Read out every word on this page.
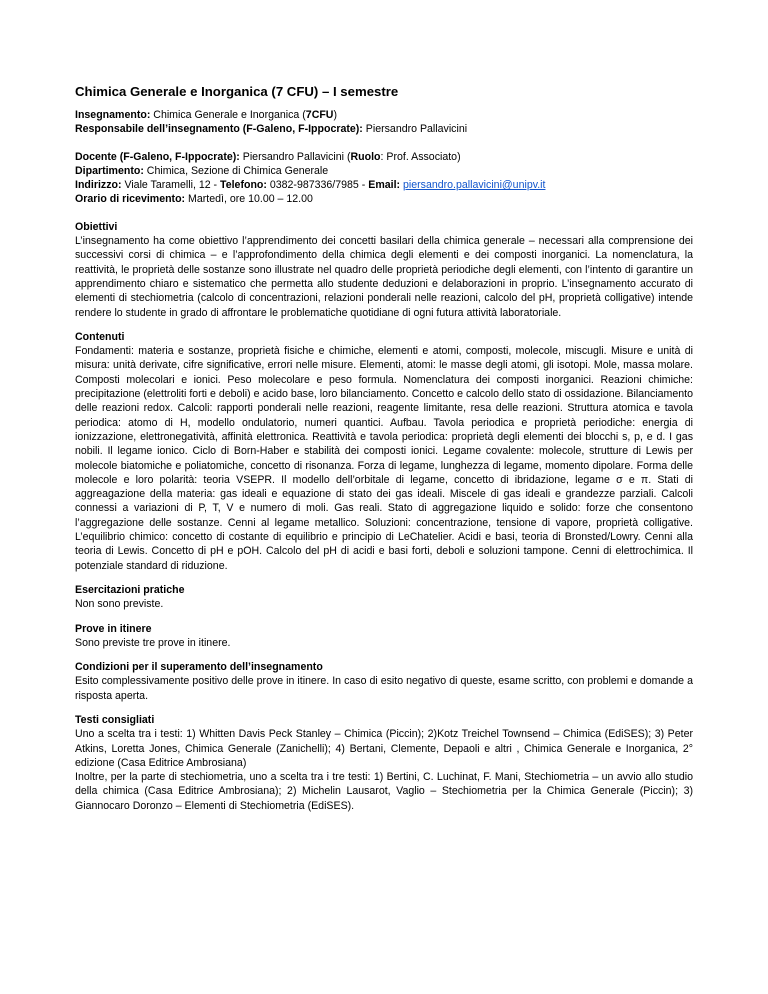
Chimica Generale e Inorganica (7 CFU) – I semestre
Insegnamento: Chimica Generale e Inorganica (7CFU)
Responsabile dell’insegnamento (F-Galeno, F-Ippocrate): Piersandro Pallavicini
Docente (F-Galeno, F-Ippocrate): Piersandro Pallavicini (Ruolo: Prof. Associato)
Dipartimento: Chimica, Sezione di Chimica Generale
Indirizzo: Viale Taramelli, 12 - Telefono: 0382-987336/7985 - Email: piersandro.pallavicini@unipv.it
Orario di ricevimento: Martedì, ore 10.00 – 12.00
Obiettivi

L’insegnamento ha come obiettivo l’apprendimento dei concetti basilari della chimica generale – necessari alla comprensione dei successivi corsi di chimica – e l’approfondimento della chimica degli elementi e dei composti inorganici. La nomenclatura, la reattività, le proprietà delle sostanze sono illustrate nel quadro delle proprietà periodiche degli elementi, con l’intento di garantire un apprendimento chiaro e sistematico che permetta allo studente deduzioni e delaborazioni in proprio. L’insegnamento accurato di elementi di stechiometria (calcolo di concentrazioni, relazioni ponderali nelle reazioni, calcolo del pH, proprietà colligative) intende rendere lo studente in grado di affrontare le problematiche quotidiane di ogni futura attività laboratoriale.

Contenuti

Fondamenti: materia e sostanze, proprietà fisiche e chimiche, elementi e atomi, composti, molecole, miscugli. Misure e unità di misura: unità derivate, cifre significative, errori nelle misure. Elementi, atomi: le masse degli atomi, gli isotopi. Mole, massa molare. Composti molecolari e ionici. Peso molecolare e peso formula. Nomenclatura dei composti inorganici. Reazioni chimiche: precipitazione (elettroliti forti e deboli) e acido base, loro bilanciamento. Concetto e calcolo dello stato di ossidazione. Bilanciamento delle reazioni redox. Calcoli: rapporti ponderali nelle reazioni, reagente limitante, resa delle reazioni. Struttura atomica e tavola periodica: atomo di H, modello ondulatorio, numeri quantici. Aufbau. Tavola periodica e proprietà periodiche: energia di ionizzazione, elettronegatività, affinità elettronica. Reattività e tavola periodica: proprietà degli elementi dei blocchi s, p, e d. I gas nobili. Il legame ionico. Ciclo di Born-Haber e stabilità dei composti ionici. Legame covalente: molecole, strutture di Lewis per molecole biatomiche e poliatomiche, concetto di risonanza. Forza di legame, lunghezza di legame, momento dipolare. Forma delle molecole e loro polarità: teoria VSEPR. Il modello dell’orbitale di legame, concetto di ibridazione, legame σ e π. Stati di aggreagazione della materia: gas ideali e equazione di stato dei gas ideali. Miscele di gas ideali e grandezze parziali. Calcoli connessi a variazioni di P, T, V e numero di moli. Gas reali. Stato di aggregazione liquido e solido: forze che consentono l’aggregazione delle sostanze. Cenni al legame metallico. Soluzioni: concentrazione, tensione di vapore, proprietà colligative. L’equilibrio chimico: concetto di costante di equilibrio e principio di LeChatelier. Acidi e basi, teoria di Bronsted/Lowry. Cenni alla teoria di Lewis. Concetto di pH e pOH. Calcolo del pH di acidi e basi forti, deboli e soluzioni tampone. Cenni di elettrochimica. Il potenziale standard di riduzione.

Esercitazioni pratiche

Non sono previste.

Prove in itinere

Sono previste tre prove in itinere.

Condizioni per il superamento dell’insegnamento

Esito complessivamente positivo delle prove in itinere. In caso di esito negativo di queste, esame scritto, con problemi e domande a risposta aperta.

Testi consigliati

Uno a scelta tra i testi: 1) Whitten Davis Peck Stanley – Chimica (Piccin); 2)Kotz Treichel Townsend – Chimica (EdiSES); 3) Peter Atkins, Loretta Jones, Chimica Generale (Zanichelli); 4) Bertani, Clemente, Depaoli e altri , Chimica Generale e Inorganica, 2° edizione (Casa Editrice Ambrosiana)

Inoltre, per la parte di stechiometria, uno a scelta tra i tre testi: 1) Bertini, C. Luchinat, F. Mani, Stechiometria – un avvio allo studio della chimica (Casa Editrice Ambrosiana); 2) Michelin Lausarot, Vaglio – Stechiometria per la Chimica Generale (Piccin); 3) Giannocaro Doronzo – Elementi di Stechiometria (EdiSES).
